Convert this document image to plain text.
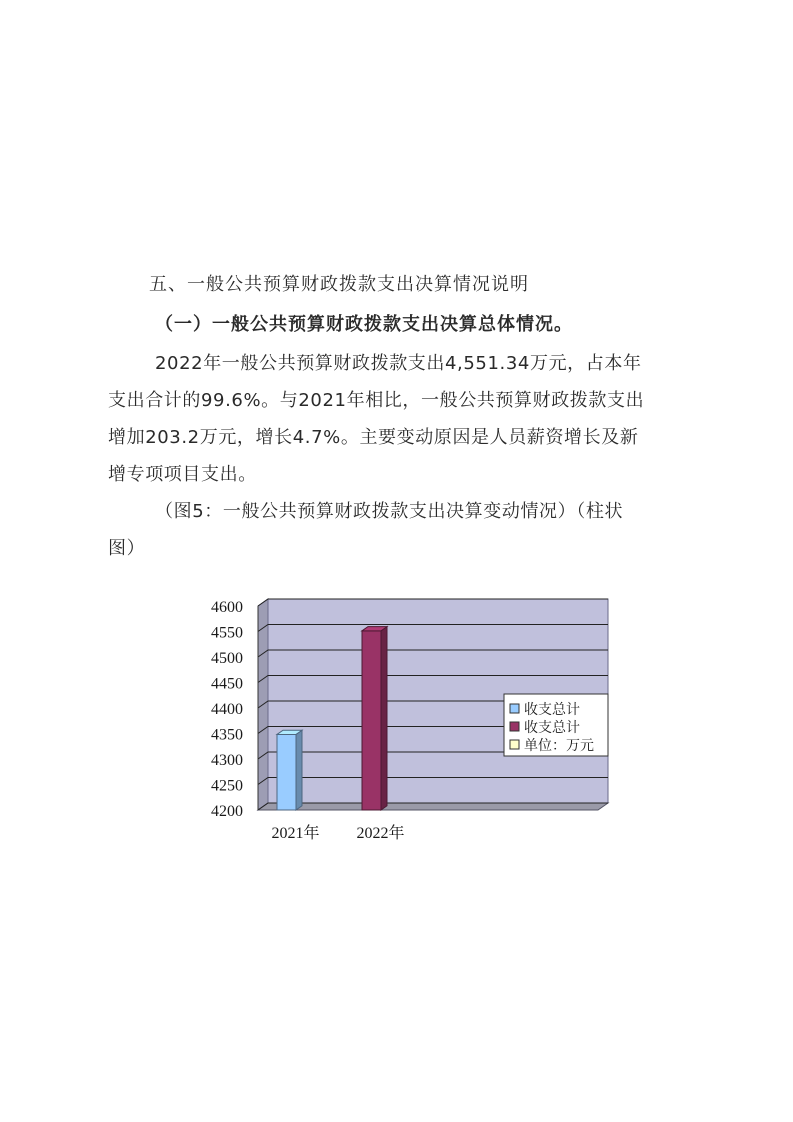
五、一般公共预算财政拨款支出决算情况说明
（一）一般公共预算财政拨款支出决算总体情况。
2022年一般公共预算财政拨款支出4,551.34万元，占本年
支出合计的99.6%。与2021年相比，一般公共预算财政拨款支出
增加203.2万元，增长4.7%。主要变动原因是人员薪资增长及新
增专项项目支出。
（图5：一般公共预算财政拨款支出决算变动情况）（柱状
图）
4200
4250
4300
4350
4400
4450
4500
4550
4600
2021年 2022年
收支总计
收支总计
单位：万元
